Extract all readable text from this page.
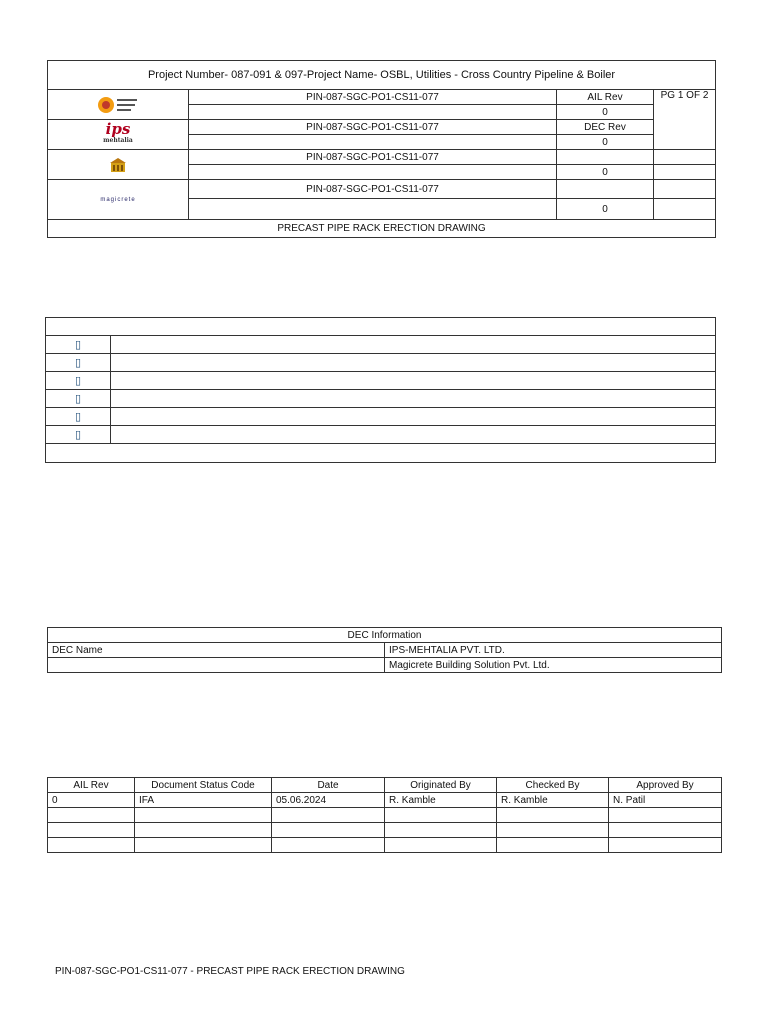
Project Number- 087-091 & 097-Project Name- OSBL, Utilities - Cross Country Pipeline & Boiler			

	PIN-087-SGC-PO1-CS11-077	AIL Rev	PG 1 OF 2
		0	

ips
mehtalia	PIN-087-SGC-PO1-CS11-077	DEC Rev	
		0	

	PIN-087-SGC-PO1-CS11-077		
		0	

magicrete	PIN-087-SGC-PO1-CS11-077		
		0	
PRECAST PIPE RACK ERECTION DRAWING			

▯	
▯	
▯	
▯	
▯	
▯	

DEC Information	
DEC Name	IPS-MEHTALIA PVT. LTD.
	Magicrete Building Solution Pvt. Ltd.
AIL Rev	Document Status Code	Date	Originated By	Checked By	Approved By
0	IFA	05.06.2024	R. Kamble	R. Kamble	N. Patil

PIN-087-SGC-PO1-CS11-077 - PRECAST PIPE RACK ERECTION DRAWING
